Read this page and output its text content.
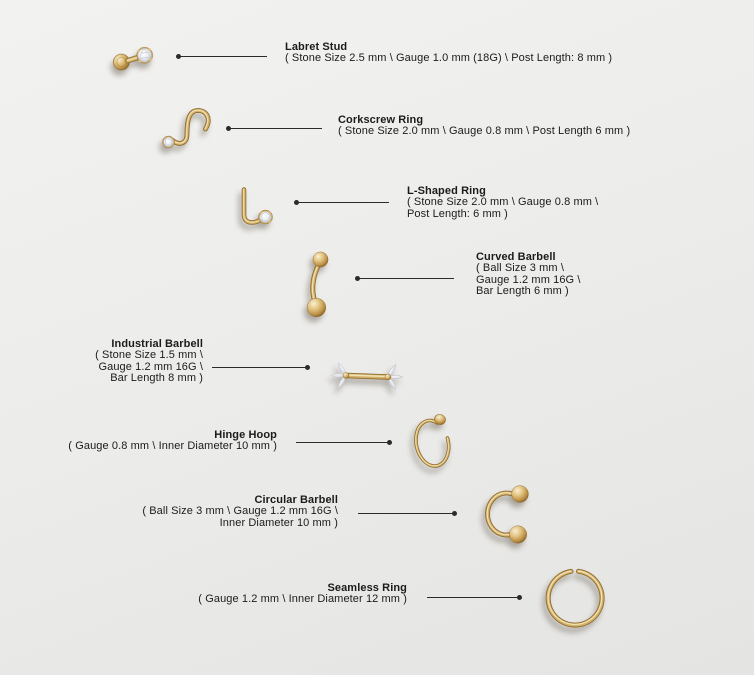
Labret Stud
( Stone Size 2.5 mm \ Gauge 1.0 mm (18G) \ Post Length: 8 mm )
Corkscrew Ring
( Stone Size 2.0 mm \ Gauge 0.8 mm \ Post Length 6 mm )
L-Shaped Ring
( Stone Size 2.0 mm \ Gauge 0.8 mm \
Post Length: 6 mm )
Curved Barbell
( Ball Size 3 mm \
Gauge 1.2 mm 16G \
Bar Length 6 mm )
Industrial Barbell
( Stone Size 1.5 mm \
Gauge 1.2 mm 16G \
Bar Length 8 mm )
Hinge Hoop
( Gauge 0.8 mm \ Inner Diameter 10 mm )
Circular Barbell
( Ball Size 3 mm \ Gauge 1.2 mm 16G \
Inner Diameter 10 mm )
Seamless Ring
( Gauge 1.2 mm \ Inner Diameter 12 mm )
